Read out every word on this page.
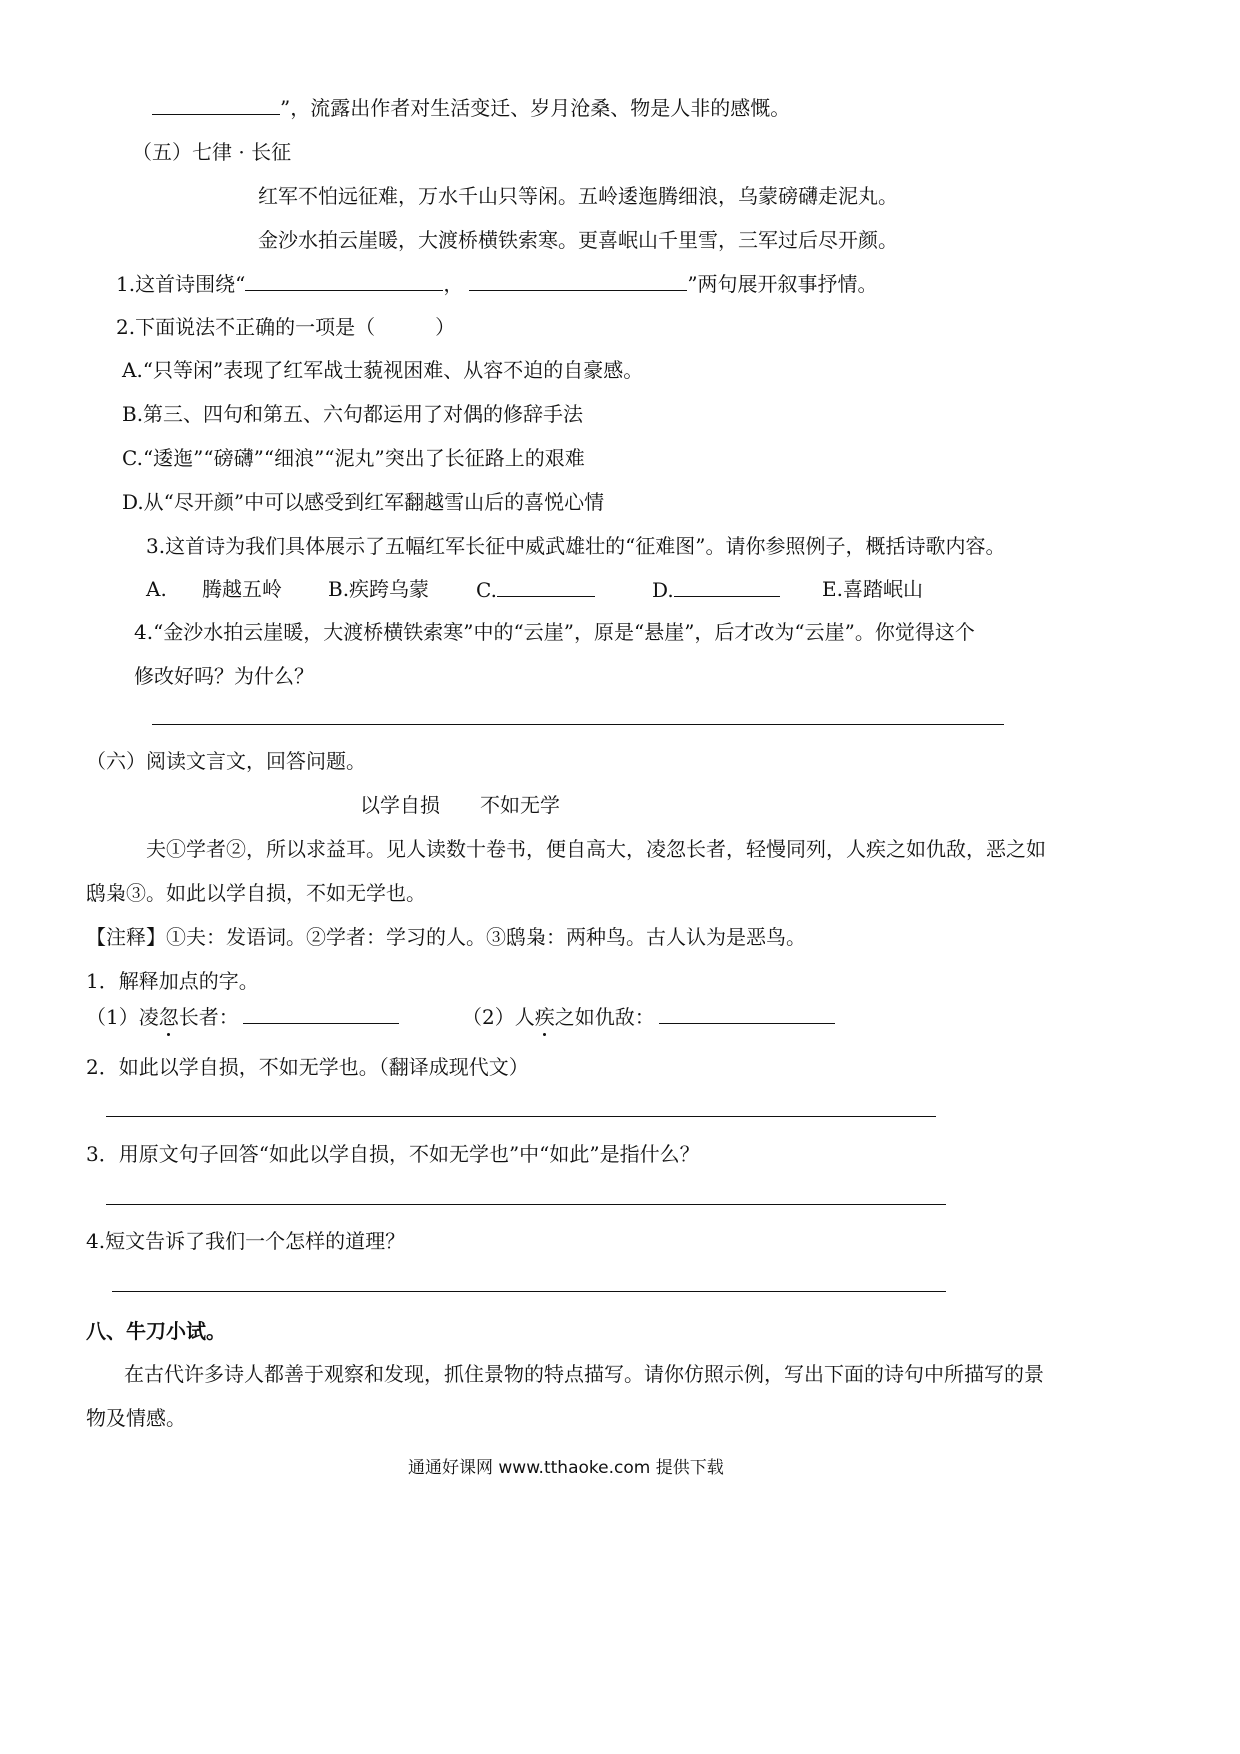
”，流露出作者对生活变迁、岁月沧桑、物是人非的感慨。
（五）七律 · 长征
红军不怕远征难，万水千山只等闲。五岭逶迤腾细浪，乌蒙磅礴走泥丸。
金沙水拍云崖暖，大渡桥横铁索寒。更喜岷山千里雪，三军过后尽开颜。
1.这首诗围绕“	，	”两句展开叙事抒情。
2.下面说法不正确的一项是（	）
A.“只等闲”表现了红军战士藐视困难、从容不迫的自豪感。
B.第三、四句和第五、六句都运用了对偶的修辞手法
C.“逶迤”“磅礴”“细浪”“泥丸”突出了长征路上的艰难
D.从“尽开颜”中可以感受到红军翻越雪山后的喜悦心情
3.这首诗为我们具体展示了五幅红军长征中威武雄壮的“征难图”。请你参照例子，概括诗歌内容。
A. 腾越五岭 B.疾跨乌蒙 C.	D.	E.喜踏岷山
4.“金沙水拍云崖暖，大渡桥横铁索寒”中的“云崖”，原是“悬崖”，后才改为“云崖”。你觉得这个
修改好吗？为什么？
（六）阅读文言文，回答问题。
以学自损　　不如无学
夫①学者②，所以求益耳。见人读数十卷书，便自高大，凌忽长者，轻慢同列，人疾之如仇敌，恶之如
鸱枭③。如此以学自损，不如无学也。
【注释】①夫：发语词。②学者：学习的人。③鸱枭：两种鸟。古人认为是恶鸟。
1．解释加点的字。
（1）凌忽长者：	（2）人疾之如仇敌：
2．如此以学自损，不如无学也。（翻译成现代文）
3．用原文句子回答“如此以学自损，不如无学也”中“如此”是指什么？
4.短文告诉了我们一个怎样的道理？
八、牛刀小试。
在古代许多诗人都善于观察和发现，抓住景物的特点描写。请你仿照示例，写出下面的诗句中所描写的景
物及情感。
通通好课网 www.tthaoke.com 提供下载
